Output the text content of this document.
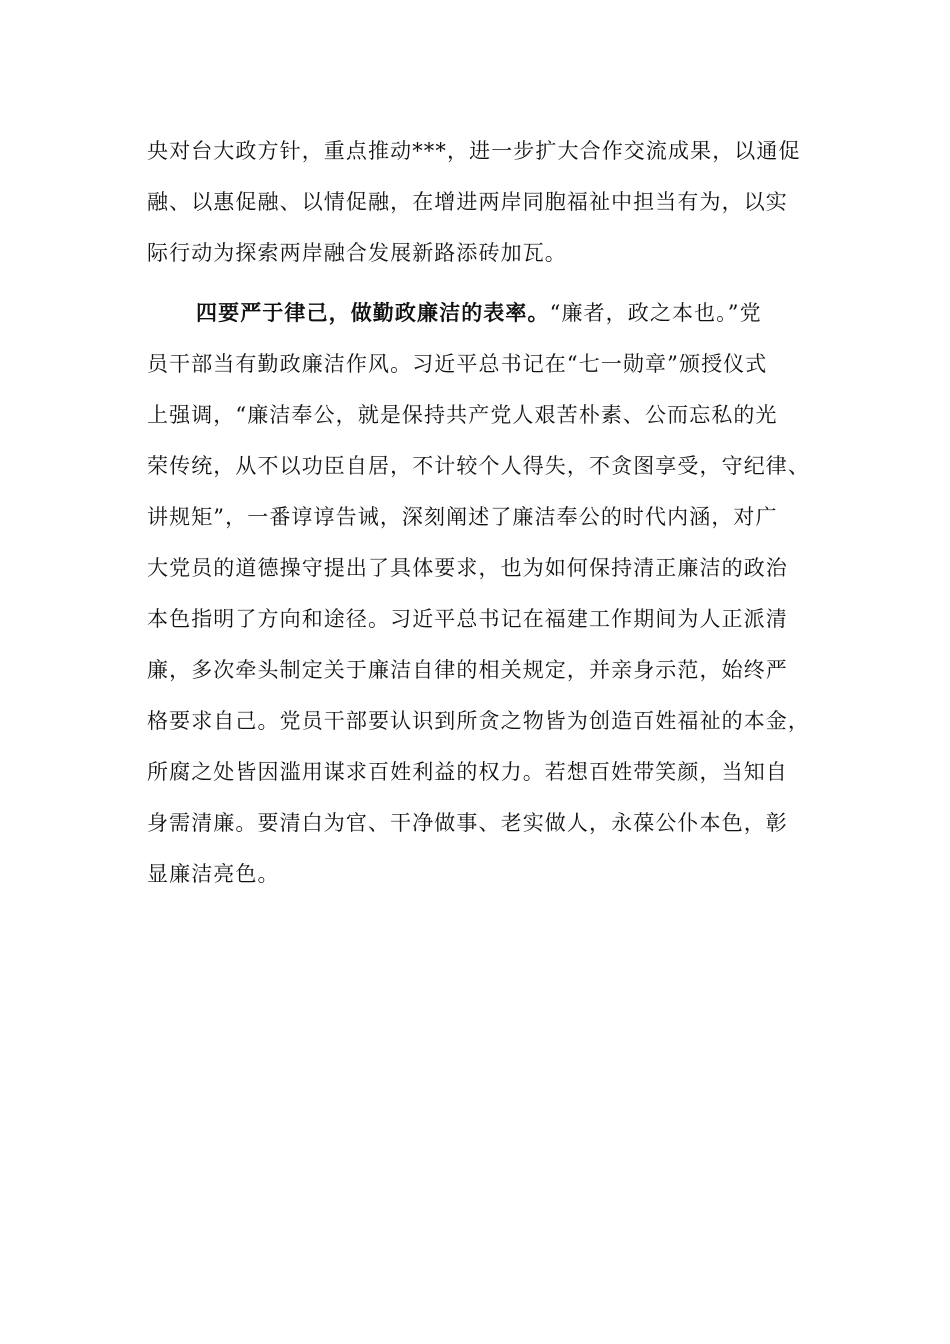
央对台大政方针，重点推动***，进一步扩大合作交流成果，以通促
融、以惠促融、以情促融，在增进两岸同胞福祉中担当有为，以实
际行动为探索两岸融合发展新路添砖加瓦。
四要严于律己，做勤政廉洁的表率。“廉者，政之本也。”党
员干部当有勤政廉洁作风。习近平总书记在“七一勋章”颁授仪式
上强调，“廉洁奉公，就是保持共产党人艰苦朴素、公而忘私的光
荣传统，从不以功臣自居，不计较个人得失，不贪图享受，守纪律、
讲规矩”，一番谆谆告诫，深刻阐述了廉洁奉公的时代内涵，对广
大党员的道德操守提出了具体要求，也为如何保持清正廉洁的政治
本色指明了方向和途径。习近平总书记在福建工作期间为人正派清
廉，多次牵头制定关于廉洁自律的相关规定，并亲身示范，始终严
格要求自己。党员干部要认识到所贪之物皆为创造百姓福祉的本金，
所腐之处皆因滥用谋求百姓利益的权力。若想百姓带笑颜，当知自
身需清廉。要清白为官、干净做事、老实做人，永葆公仆本色，彰
显廉洁亮色。
